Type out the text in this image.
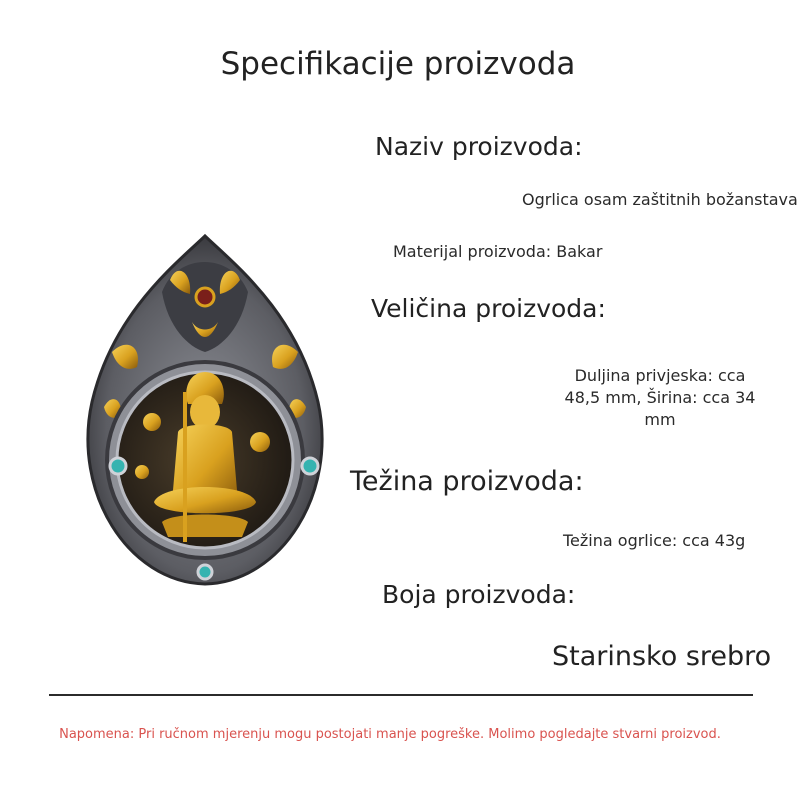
Specifikacije proizvoda
Naziv proizvoda:
Ogrlica osam zaštitnih božanstava
Materijal proizvoda: Bakar
Veličina proizvoda:
Duljina privjeska: cca 48,5 mm, Širina: cca 34 mm
Težina proizvoda:
Težina ogrlice: cca 43g
Boja proizvoda:
Starinsko srebro
Napomena: Pri ručnom mjerenju mogu postojati manje pogreške. Molimo pogledajte stvarni proizvod.
